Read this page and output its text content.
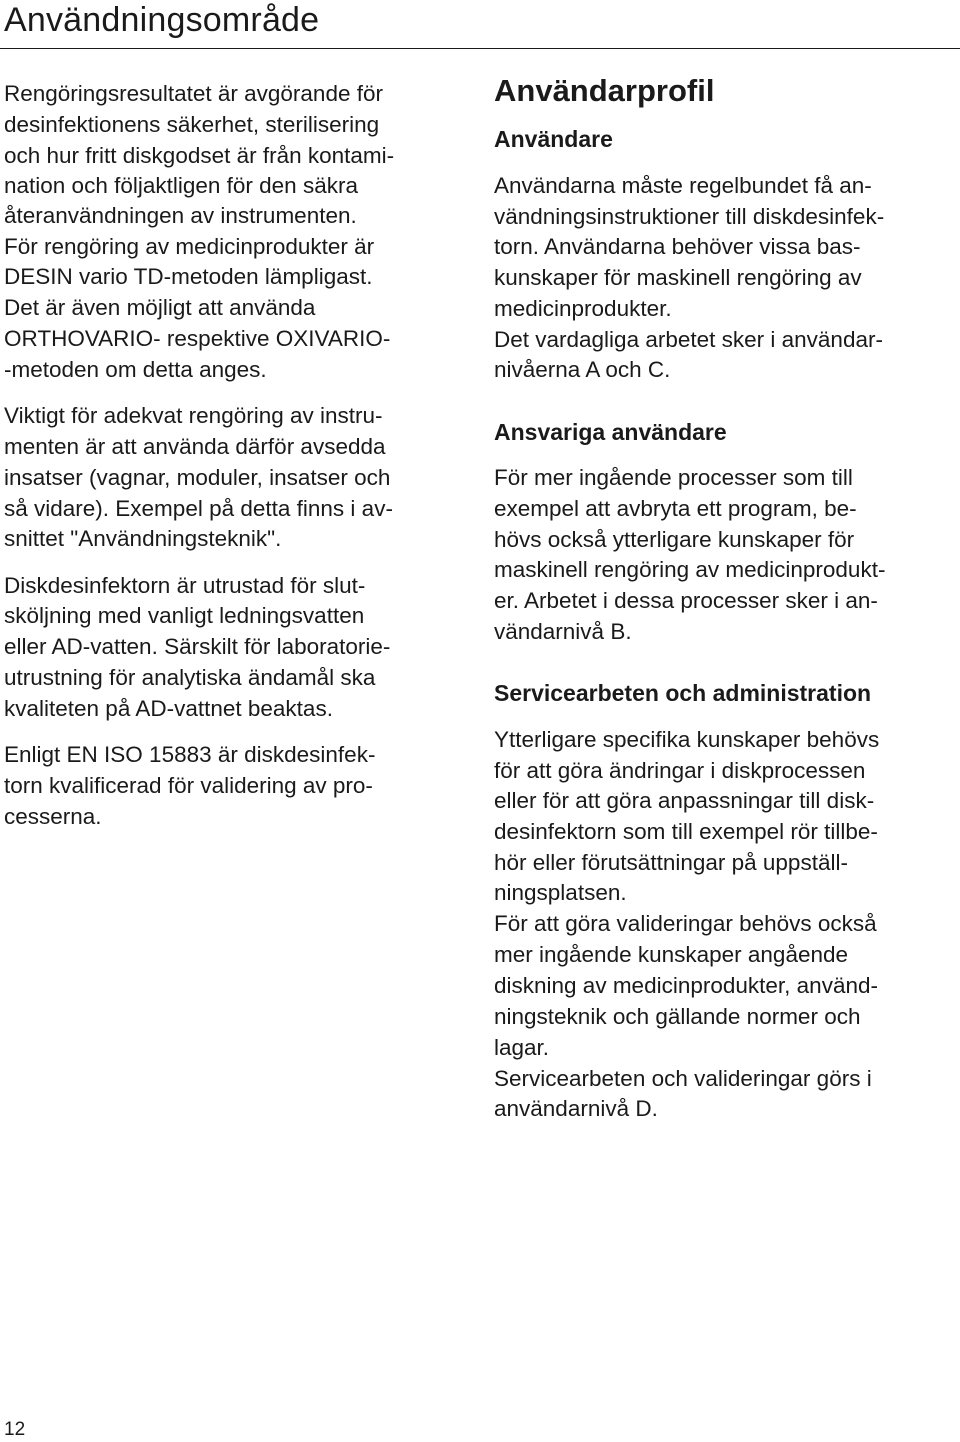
Användningsområde

Rengöringsresultatet är avgörande för

desinfektionens säkerhet, sterilisering

och hur fritt diskgodset är från kontami-

nation och följaktligen för den säkra

återanvändningen av instrumenten.

För rengöring av medicinprodukter är

DESIN vario TD-metoden lämpligast.

Det är även möjligt att använda

ORTHOVARIO- respektive OXIVARIO-

-metoden om detta anges.

Viktigt för adekvat rengöring av instru-

menten är att använda därför avsedda

insatser (vagnar, moduler, insatser och

så vidare). Exempel på detta finns i av-

snittet "Användningsteknik".

Diskdesinfektorn är utrustad för slut-

sköljning med vanligt ledningsvatten

eller AD-vatten. Särskilt för laboratorie-

utrustning för analytiska ändamål ska

kvaliteten på AD-vattnet beaktas.

Enligt EN ISO 15883 är diskdesinfek-

torn kvalificerad för validering av pro-

cesserna.

Användarprofil
Användare

Användarna måste regelbundet få an-

vändningsinstruktioner till diskdesinfek-

torn. Användarna behöver vissa bas-

kunskaper för maskinell rengöring av

medicinprodukter.

Det vardagliga arbetet sker i användar-

nivåerna A och C.

Ansvariga användare

För mer ingående processer som till

exempel att avbryta ett program, be-

hövs också ytterligare kunskaper för

maskinell rengöring av medicinprodukt-

er. Arbetet i dessa processer sker i an-

vändarnivå B.

Servicearbeten och administration

Ytterligare specifika kunskaper behövs

för att göra ändringar i diskprocessen

eller för att göra anpassningar till disk-

desinfektorn som till exempel rör tillbe-

hör eller förutsättningar på uppställ-

ningsplatsen.

För att göra valideringar behövs också

mer ingående kunskaper angående

diskning av medicinprodukter, använd-

ningsteknik och gällande normer och

lagar.

Servicearbeten och valideringar görs i

användarnivå D.

12
